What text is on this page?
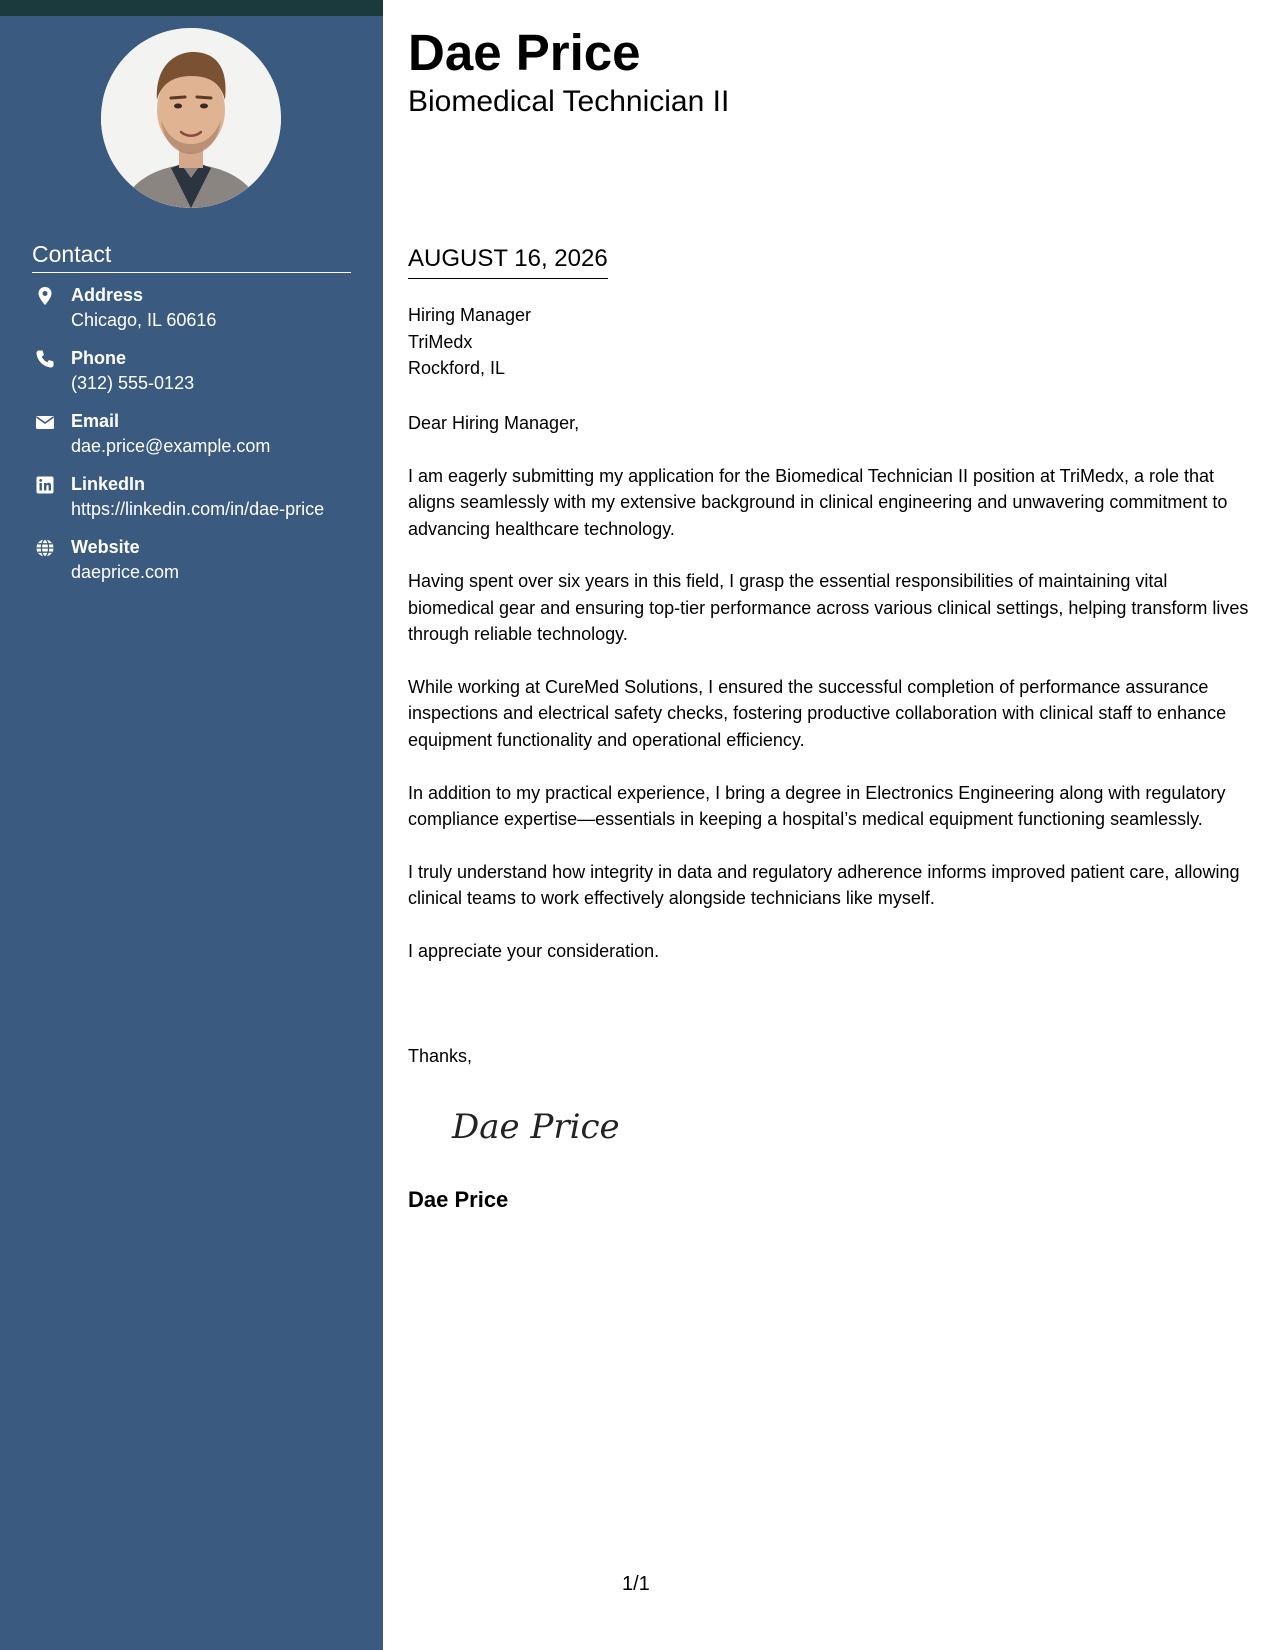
Contact
Address
Chicago, IL 60616
Phone
(312) 555-0123
Email
dae.price@example.com
LinkedIn
https://linkedin.com/in/dae-price
Website
daeprice.com
Dae Price
Biomedical Technician II
AUGUST 16, 2026
Hiring Manager
TriMedx
Rockford, IL

Dear Hiring Manager,

I am eagerly submitting my application for the Biomedical Technician II position at TriMedx, a role that aligns seamlessly with my extensive background in clinical engineering and unwavering commitment to advancing healthcare technology.

Having spent over six years in this field, I grasp the essential responsibilities of maintaining vital biomedical gear and ensuring top-tier performance across various clinical settings, helping transform lives through reliable technology.

While working at CureMed Solutions, I ensured the successful completion of performance assurance inspections and electrical safety checks, fostering productive collaboration with clinical staff to enhance equipment functionality and operational efficiency.

In addition to my practical experience, I bring a degree in Electronics Engineering along with regulatory compliance expertise—essentials in keeping a hospital’s medical equipment functioning seamlessly.

I truly understand how integrity in data and regulatory adherence informs improved patient care, allowing clinical teams to work effectively alongside technicians like myself.

I appreciate your consideration.

Thanks,
Dae Price
Dae Price
1/1
